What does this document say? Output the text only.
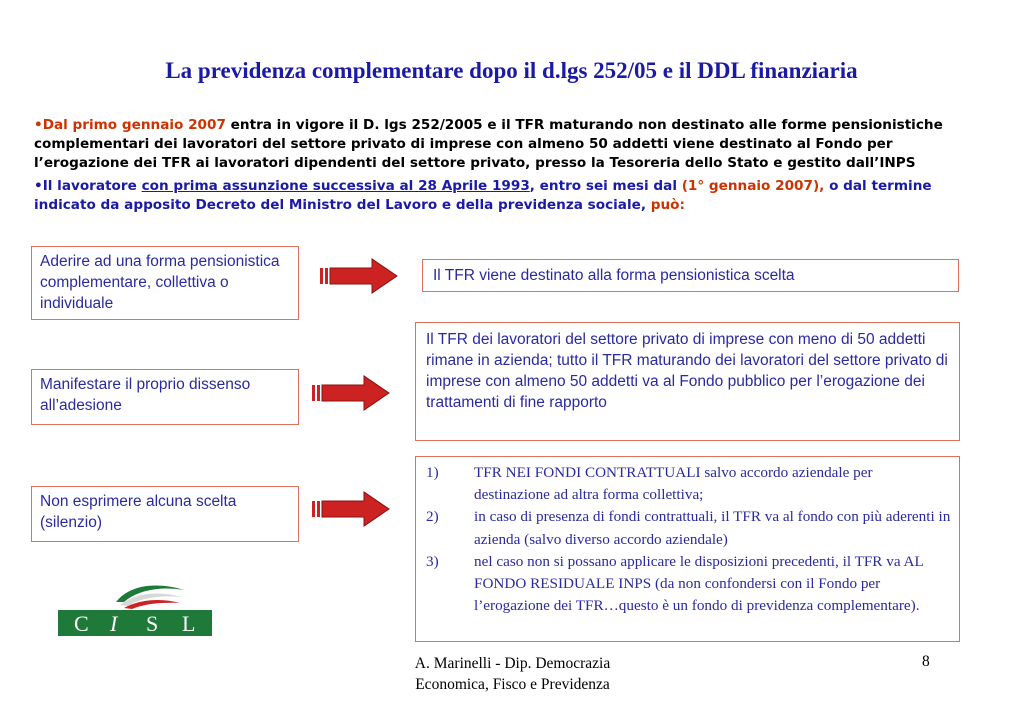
La previdenza complementare dopo il d.lgs 252/05 e il DDL finanziaria

•Dal primo gennaio 2007 entra in vigore il D. lgs 252/2005 e il TFR maturando non destinato alle forme pensionistiche complementari dei lavoratori del settore privato di imprese con almeno 50 addetti viene destinato al Fondo per l’erogazione dei TFR ai lavoratori dipendenti del settore privato, presso la Tesoreria dello Stato e gestito dall’INPS

•Il lavoratore con prima assunzione successiva al 28 Aprile 1993, entro sei mesi dal (1° gennaio 2007), o dal termine indicato da apposito Decreto del Ministro del Lavoro e della previdenza sociale, può:

Aderire ad una forma pensionistica complementare, collettiva o individuale
Manifestare il proprio dissenso all’adesione
Non esprimere alcuna scelta (silenzio)
Il TFR viene destinato alla forma pensionistica scelta
Il TFR dei lavoratori del settore privato di imprese con meno di 50 addetti rimane in azienda; tutto il TFR maturando dei lavoratori del settore privato di imprese con almeno 50 addetti va al Fondo pubblico per l’erogazione dei trattamenti di fine rapporto
1) TFR NEI FONDI CONTRATTUALI salvo accordo aziendale per destinazione ad altra forma collettiva;
2) in caso di presenza di fondi contrattuali, il TFR va al fondo con più aderenti in azienda (salvo diverso accordo aziendale)
3) nel caso non si possano applicare le disposizioni precedenti, il TFR va AL FONDO RESIDUALE INPS (da non confondersi con il Fondo per l’erogazione dei TFR…questo è un fondo di previdenza complementare).
C I S L
A. Marinelli - Dip. Democrazia
Economica, Fisco e Previdenza
8
